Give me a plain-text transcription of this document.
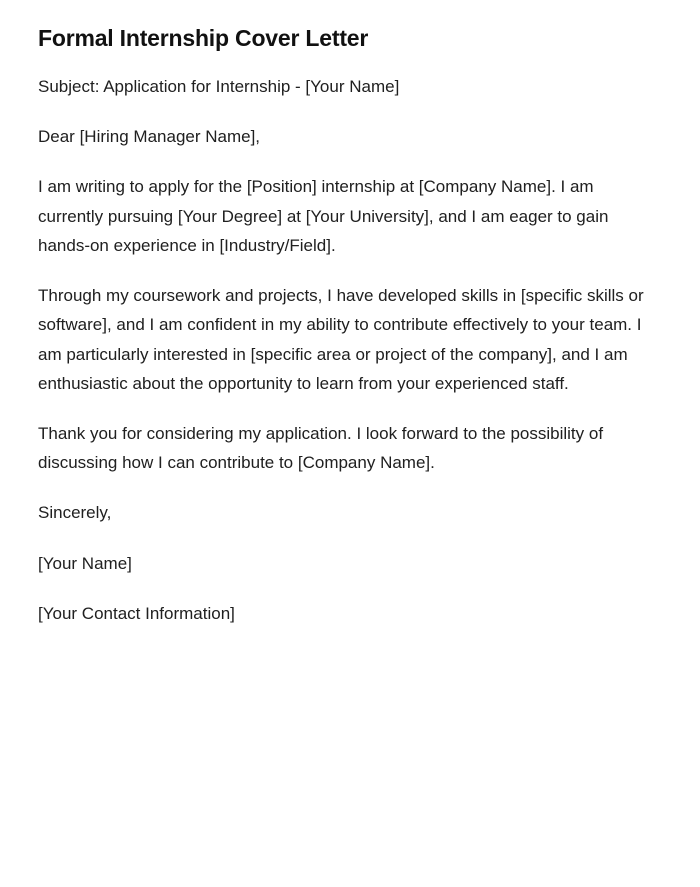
Formal Internship Cover Letter

Subject: Application for Internship - [Your Name]

Dear [Hiring Manager Name],

I am writing to apply for the [Position] internship at [Company Name]. I am currently pursuing [Your Degree] at [Your University], and I am eager to gain hands-on experience in [Industry/Field].

Through my coursework and projects, I have developed skills in [specific skills or software], and I am confident in my ability to contribute effectively to your team. I am particularly interested in [specific area or project of the company], and I am enthusiastic about the opportunity to learn from your experienced staff.

Thank you for considering my application. I look forward to the possibility of discussing how I can contribute to [Company Name].

Sincerely,

[Your Name]

[Your Contact Information]
